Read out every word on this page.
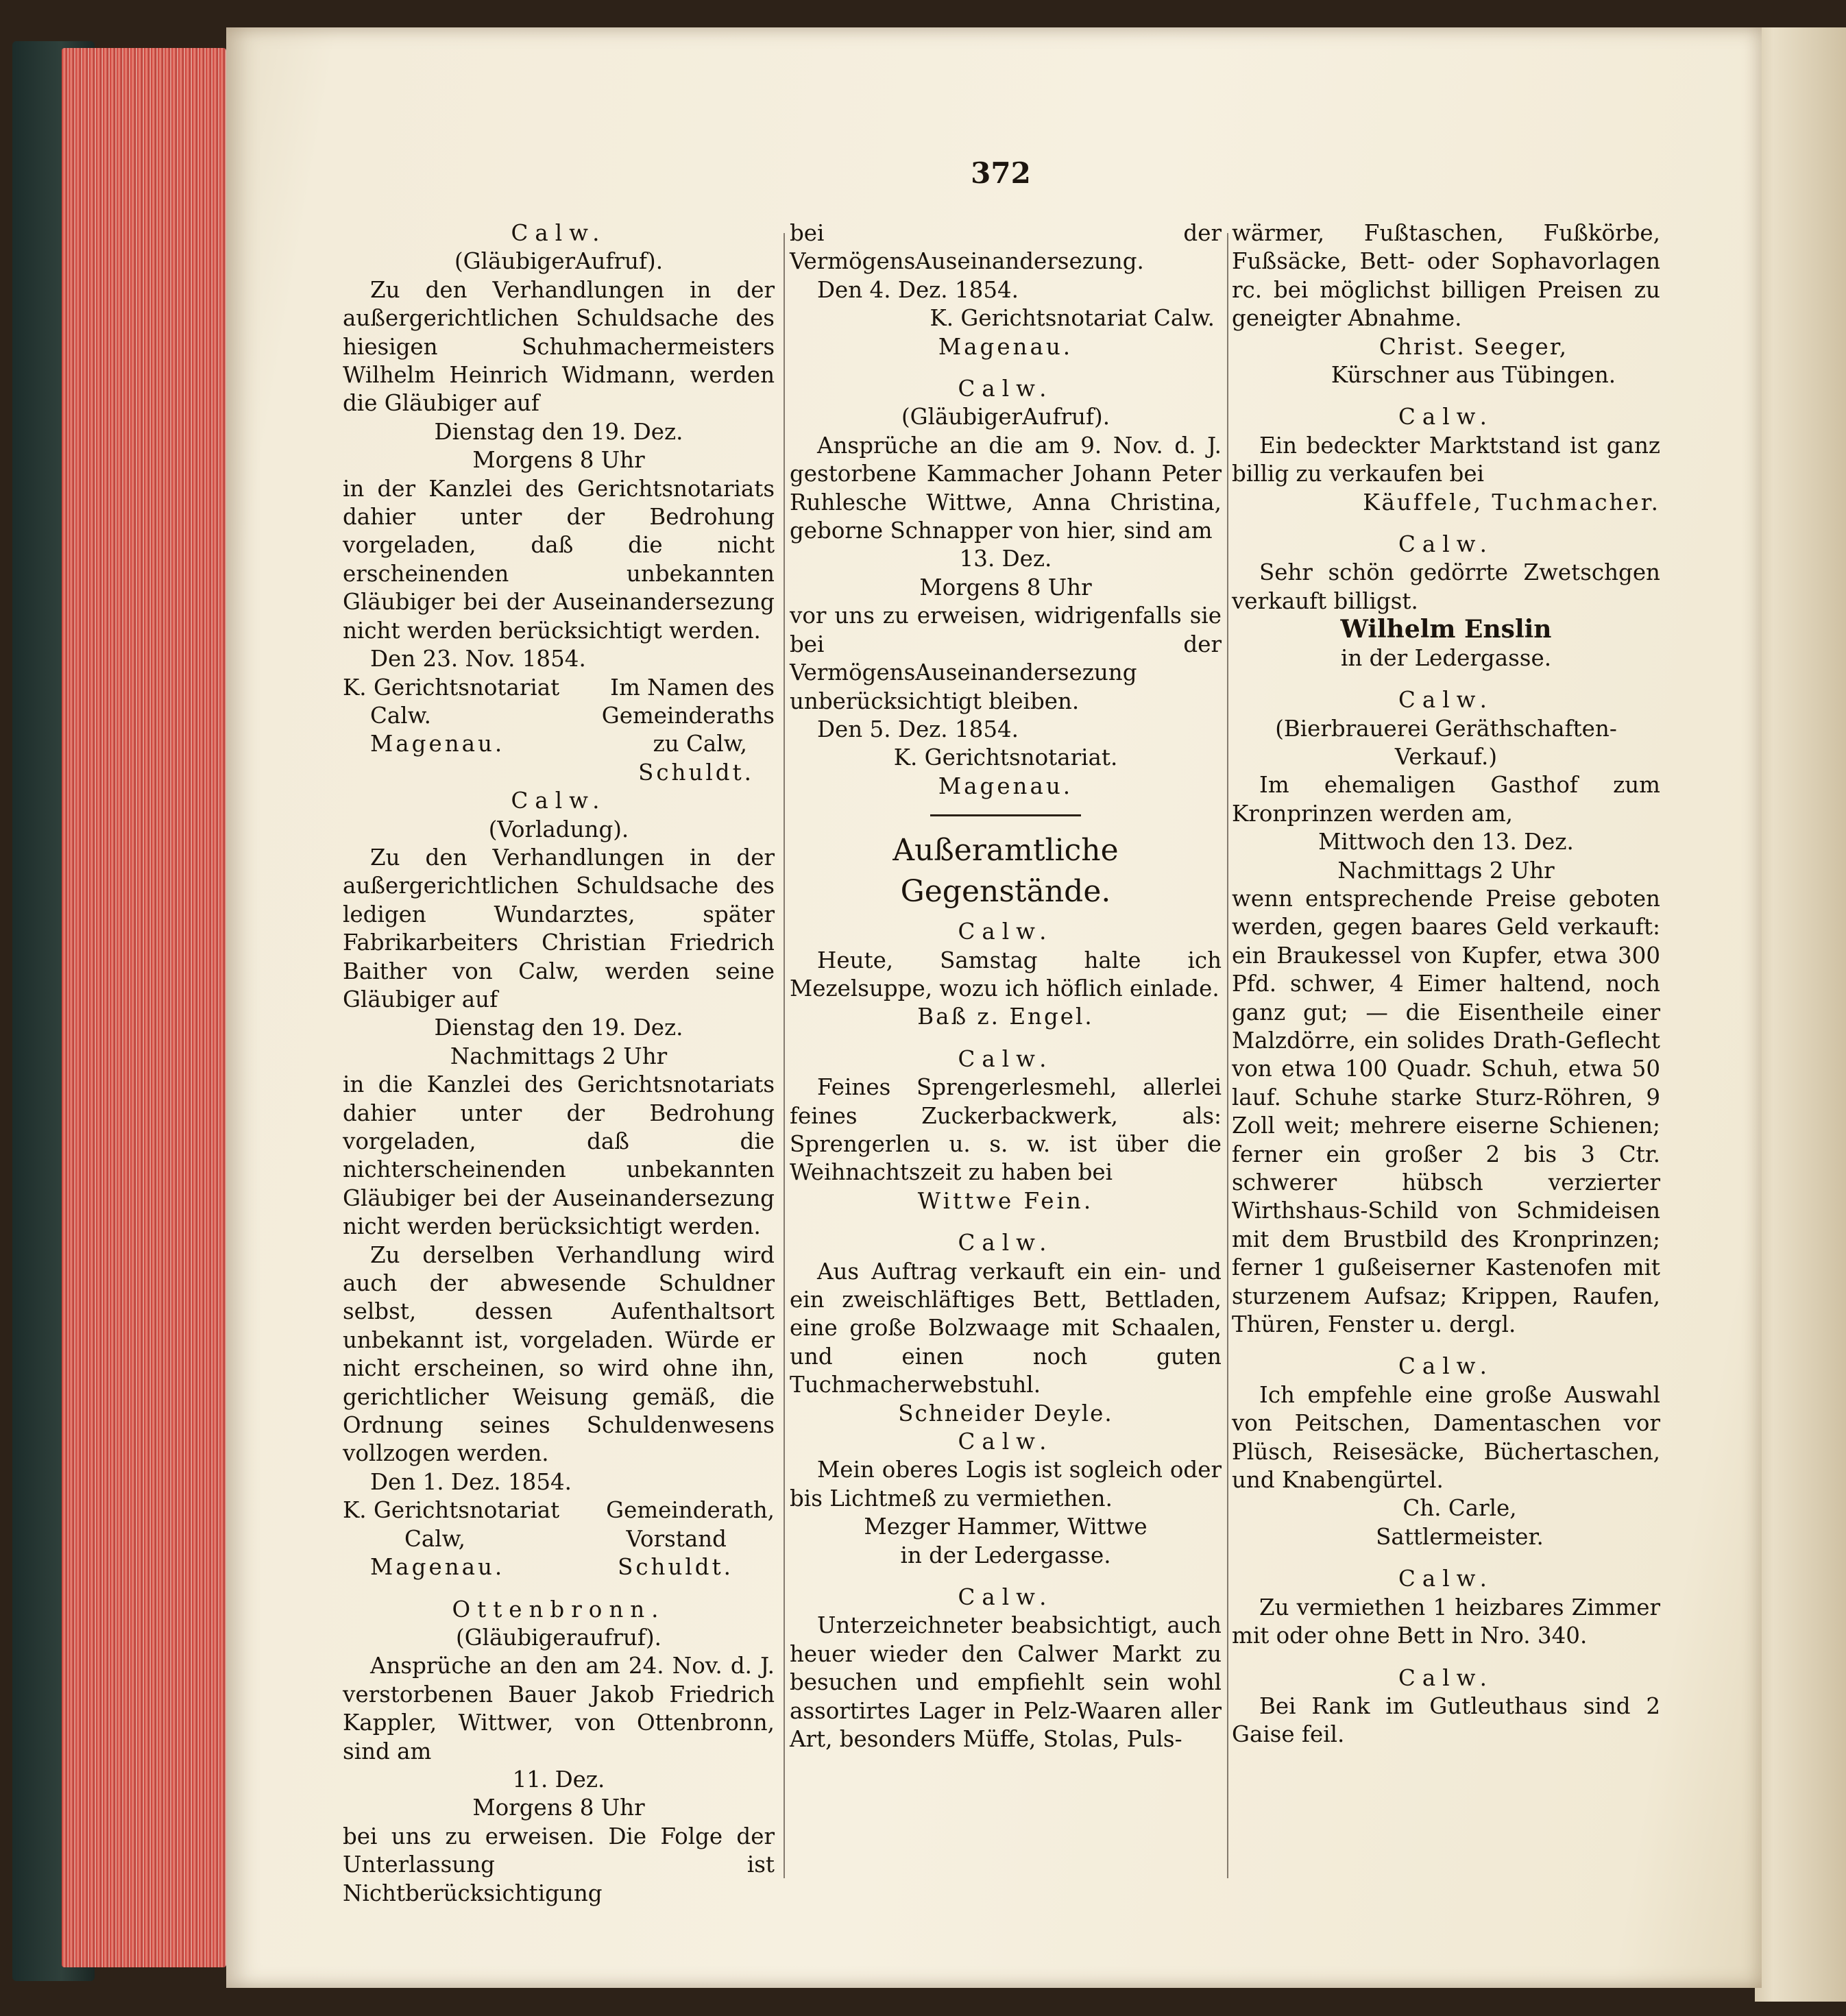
372

Calw.

(GläubigerAufruf).

Zu den Verhandlungen in der außergerichtlichen Schuldsache des hiesigen Schuhmachermeisters Wilhelm Heinrich Widmann, werden die Gläubiger auf

Dienstag den 19. Dez.

Morgens 8 Uhr

in der Kanzlei des Gerichtsnotariats dahier unter der Bedrohung vorgeladen, daß die nicht erscheinenden unbekannten Gläubiger bei der Auseinandersezung nicht werden berücksichtigt werden.

Den 23. Nov. 1854.

K. Gerichtsnotariat Im Namen des
Calw.	Gemeinderaths
Magenau.	zu Calw,

Schuldt.

Calw.

(Vorladung).

Zu den Verhandlungen in der außergerichtlichen Schuldsache des ledigen Wundarztes, später Fabrikarbeiters Christian Friedrich Baither von Calw, werden seine Gläubiger auf

Dienstag den 19. Dez.

Nachmittags 2 Uhr

in die Kanzlei des Gerichtsnotariats dahier unter der Bedrohung vorgeladen, daß die nichterscheinenden unbekannten Gläubiger bei der Auseinandersezung nicht werden berücksichtigt werden.

Zu derselben Verhandlung wird auch der abwesende Schuldner selbst, dessen Aufenthaltsort unbekannt ist, vorgeladen. Würde er nicht erscheinen, so wird ohne ihn, gerichtlicher Weisung gemäß, die Ordnung seines Schuldenwesens vollzogen werden.

Den 1. Dez. 1854.

K. Gerichtsnotariat Gemeinderath,
Calw,	Vorstand
Magenau.	Schuldt.

Ottenbronn.

(Gläubigeraufruf).

Ansprüche an den am 24. Nov. d. J. verstorbenen Bauer Jakob Friedrich Kappler, Wittwer, von Ottenbronn, sind am

11. Dez.

Morgens 8 Uhr

bei uns zu erweisen. Die Folge der Unterlassung ist Nichtberücksichtigung

bei der VermögensAuseinandersezung.

Den 4. Dez. 1854.

K. Gerichtsnotariat Calw.

Magenau.

Calw.

(GläubigerAufruf).

Ansprüche an die am 9. Nov. d. J. gestorbene Kammacher Johann Peter Ruhlesche Wittwe, Anna Christina, geborne Schnapper von hier, sind am

13. Dez.

Morgens 8 Uhr

vor uns zu erweisen, widrigenfalls sie bei der VermögensAuseinandersezung unberücksichtigt bleiben.

Den 5. Dez. 1854.

K. Gerichtsnotariat.

Magenau.

Außeramtliche Gegenstände.

Calw.

Heute, Samstag halte ich Mezelsuppe, wozu ich höflich einlade.

Baß z. Engel.

Calw.

Feines Sprengerlesmehl, allerlei feines Zuckerbackwerk, als: Sprengerlen u. s. w. ist über die Weihnachtszeit zu haben bei

Wittwe Fein.

Calw.

Aus Auftrag verkauft ein ein- und ein zweischläftiges Bett, Bettladen, eine große Bolzwaage mit Schaalen, und einen noch guten Tuchmacherwebstuhl.

Schneider Deyle.

Calw.

Mein oberes Logis ist sogleich oder bis Lichtmeß zu vermiethen.

Mezger Hammer, Wittwe

in der Ledergasse.

Calw.

Unterzeichneter beabsichtigt, auch heuer wieder den Calwer Markt zu besuchen und empfiehlt sein wohl assortirtes Lager in Pelz-Waaren aller Art, besonders Müffe, Stolas, Puls-

wärmer, Fußtaschen, Fußkörbe, Fußsäcke, Bett- oder Sophavorlagen rc. bei möglichst billigen Preisen zu geneigter Abnahme.

Christ. Seeger,

Kürschner aus Tübingen.

Calw.

Ein bedeckter Marktstand ist ganz billig zu verkaufen bei

Käuffele, Tuchmacher.

Calw.

Sehr schön gedörrte Zwetschgen verkauft billigst.

Wilhelm Enslin

in der Ledergasse.

Calw.

(Bierbrauerei Geräthschaften-Verkauf.)

Im ehemaligen Gasthof zum Kronprinzen werden am,

Mittwoch den 13. Dez.

Nachmittags 2 Uhr

wenn entsprechende Preise geboten werden, gegen baares Geld verkauft: ein Braukessel von Kupfer, etwa 300 Pfd. schwer, 4 Eimer haltend, noch ganz gut; — die Eisentheile einer Malzdörre, ein solides Drath-Geflecht von etwa 100 Quadr. Schuh, etwa 50 lauf. Schuhe starke Sturz-Röhren, 9 Zoll weit; mehrere eiserne Schienen; ferner ein großer 2 bis 3 Ctr. schwerer hübsch verzierter Wirthshaus-Schild von Schmideisen mit dem Brustbild des Kronprinzen; ferner 1 gußeiserner Kastenofen mit sturzenem Aufsaz; Krippen, Raufen, Thüren, Fenster u. dergl.

Calw.

Ich empfehle eine große Auswahl von Peitschen, Damentaschen vor Plüsch, Reisesäcke, Büchertaschen, und Knabengürtel.

Ch. Carle,

Sattlermeister.

Calw.

Zu vermiethen 1 heizbares Zimmer mit oder ohne Bett in Nro. 340.

Calw.

Bei Rank im Gutleuthaus sind 2 Gaise feil.
